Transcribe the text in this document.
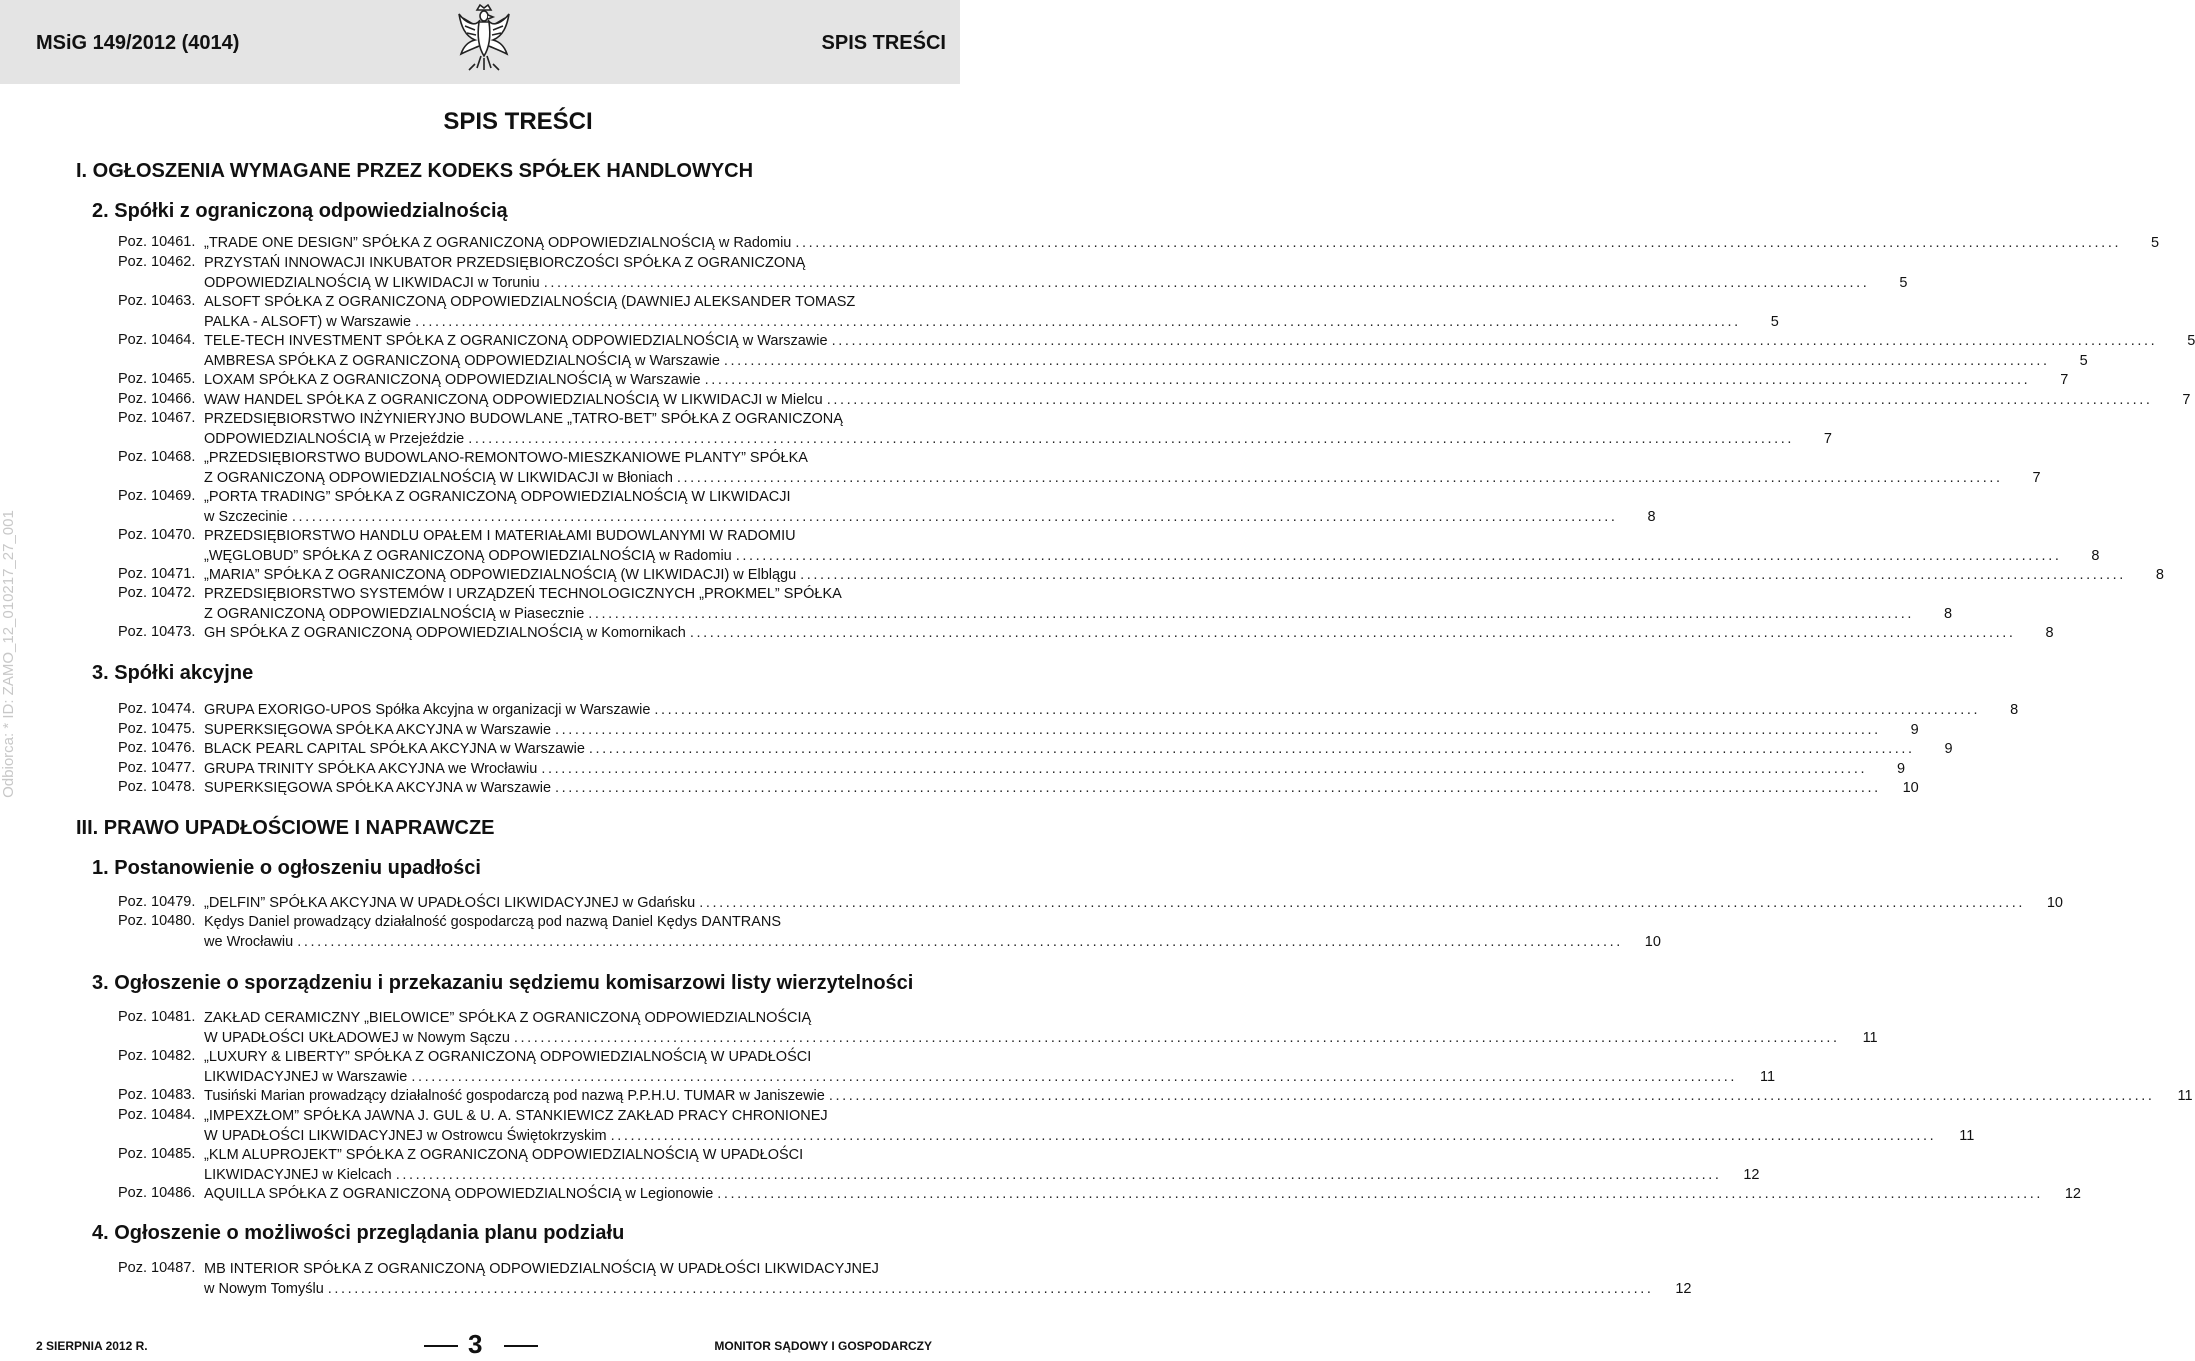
MSiG 149/2012 (4014)	SPIS TREŚCI
Odbiorca: * ID: ZAMO_12_010217_27_001
SPIS TREŚCI
I. OGŁOSZENIA WYMAGANE PRZEZ KODEKS SPÓŁEK HANDLOWYCH
2. Spółki z ograniczoną odpowiedzialnością
3. Spółki akcyjne
III. PRAWO UPADŁOŚCIOWE I NAPRAWCZE
1. Postanowienie o ogłoszeniu upadłości
3. Ogłoszenie o sporządzeniu i przekazaniu sędziemu komisarzowi listy wierzytelności
4. Ogłoszenie o możliwości przeglądania planu podziału
Poz. 10461. „TRADE ONE DESIGN” SPÓŁKA Z OGRANICZONĄ ODPOWIEDZIALNOŚCIĄ w Radomiu ........................................................................................................................................................................................................	5
Poz. 10462. PRZYSTAŃ INNOWACJI INKUBATOR PRZEDSIĘBIORCZOŚCI SPÓŁKA Z OGRANICZONĄ
ODPOWIEDZIALNOŚCIĄ W LIKWIDACJI w Toruniu ........................................................................................................................................................................................................	5
Poz. 10463. ALSOFT SPÓŁKA Z OGRANICZONĄ ODPOWIEDZIALNOŚCIĄ (DAWNIEJ ALEKSANDER TOMASZ
PALKA - ALSOFT) w Warszawie ........................................................................................................................................................................................................	5
Poz. 10464. TELE-TECH INVESTMENT SPÓŁKA Z OGRANICZONĄ ODPOWIEDZIALNOŚCIĄ w Warszawie ........................................................................................................................................................................................................	5
AMBRESA SPÓŁKA Z OGRANICZONĄ ODPOWIEDZIALNOŚCIĄ w Warszawie ........................................................................................................................................................................................................	5
Poz. 10465. LOXAM SPÓŁKA Z OGRANICZONĄ ODPOWIEDZIALNOŚCIĄ w Warszawie ........................................................................................................................................................................................................	7
Poz. 10466. WAW HANDEL SPÓŁKA Z OGRANICZONĄ ODPOWIEDZIALNOŚCIĄ W LIKWIDACJI w Mielcu ........................................................................................................................................................................................................	7
Poz. 10467. PRZEDSIĘBIORSTWO INŻYNIERYJNO BUDOWLANE „TATRO-BET” SPÓŁKA Z OGRANICZONĄ
ODPOWIEDZIALNOŚCIĄ w Przejeździe ........................................................................................................................................................................................................	7
Poz. 10468. „PRZEDSIĘBIORSTWO BUDOWLANO-REMONTOWO-MIESZKANIOWE PLANTY” SPÓŁKA
Z OGRANICZONĄ ODPOWIEDZIALNOŚCIĄ W LIKWIDACJI w Błoniach ........................................................................................................................................................................................................	7
Poz. 10469. „PORTA TRADING” SPÓŁKA Z OGRANICZONĄ ODPOWIEDZIALNOŚCIĄ W LIKWIDACJI
w Szczecinie ........................................................................................................................................................................................................	8
Poz. 10470. PRZEDSIĘBIORSTWO HANDLU OPAŁEM I MATERIAŁAMI BUDOWLANYMI W RADOMIU
„WĘGLOBUD” SPÓŁKA Z OGRANICZONĄ ODPOWIEDZIALNOŚCIĄ w Radomiu ........................................................................................................................................................................................................	8
Poz. 10471. „MARIA” SPÓŁKA Z OGRANICZONĄ ODPOWIEDZIALNOŚCIĄ (W LIKWIDACJI) w Elblągu ........................................................................................................................................................................................................	8
Poz. 10472. PRZEDSIĘBIORSTWO SYSTEMÓW I URZĄDZEŃ TECHNOLOGICZNYCH „PROKMEL” SPÓŁKA
Z OGRANICZONĄ ODPOWIEDZIALNOŚCIĄ w Piasecznie ........................................................................................................................................................................................................	8
Poz. 10473. GH SPÓŁKA Z OGRANICZONĄ ODPOWIEDZIALNOŚCIĄ w Komornikach ........................................................................................................................................................................................................	8
Poz. 10474. GRUPA EXORIGO-UPOS Spółka Akcyjna w organizacji w Warszawie ........................................................................................................................................................................................................	8
Poz. 10475. SUPERKSIĘGOWA SPÓŁKA AKCYJNA w Warszawie ........................................................................................................................................................................................................	9
Poz. 10476. BLACK PEARL CAPITAL SPÓŁKA AKCYJNA w Warszawie ........................................................................................................................................................................................................	9
Poz. 10477. GRUPA TRINITY SPÓŁKA AKCYJNA we Wrocławiu ........................................................................................................................................................................................................	9
Poz. 10478. SUPERKSIĘGOWA SPÓŁKA AKCYJNA w Warszawie ........................................................................................................................................................................................................	10
Poz. 10479. „DELFIN” SPÓŁKA AKCYJNA W UPADŁOŚCI LIKWIDACYJNEJ w Gdańsku ........................................................................................................................................................................................................	10
Poz. 10480. Kędys Daniel prowadzący działalność gospodarczą pod nazwą Daniel Kędys DANTRANS
we Wrocławiu ........................................................................................................................................................................................................	10
Poz. 10481. ZAKŁAD CERAMICZNY „BIELOWICE” SPÓŁKA Z OGRANICZONĄ ODPOWIEDZIALNOŚCIĄ
W UPADŁOŚCI UKŁADOWEJ w Nowym Sączu ........................................................................................................................................................................................................	11
Poz. 10482. „LUXURY & LIBERTY” SPÓŁKA Z OGRANICZONĄ ODPOWIEDZIALNOŚCIĄ W UPADŁOŚCI
LIKWIDACYJNEJ w Warszawie ........................................................................................................................................................................................................	11
Poz. 10483. Tusiński Marian prowadzący działalność gospodarczą pod nazwą P.P.H.U. TUMAR w Janiszewie ........................................................................................................................................................................................................	11
Poz. 10484. „IMPEXZŁOM” SPÓŁKA JAWNA J. GUL & U. A. STANKIEWICZ ZAKŁAD PRACY CHRONIONEJ
W UPADŁOŚCI LIKWIDACYJNEJ w Ostrowcu Świętokrzyskim ........................................................................................................................................................................................................	11
Poz. 10485. „KLM ALUPROJEKT” SPÓŁKA Z OGRANICZONĄ ODPOWIEDZIALNOŚCIĄ W UPADŁOŚCI
LIKWIDACYJNEJ w Kielcach ........................................................................................................................................................................................................	12
Poz. 10486. AQUILLA SPÓŁKA Z OGRANICZONĄ ODPOWIEDZIALNOŚCIĄ w Legionowie ........................................................................................................................................................................................................	12
Poz. 10487. MB INTERIOR SPÓŁKA Z OGRANICZONĄ ODPOWIEDZIALNOŚCIĄ W UPADŁOŚCI LIKWIDACYJNEJ
w Nowym Tomyślu ........................................................................................................................................................................................................	12
2 SIERPNIA 2012 R.	3	MONITOR SĄDOWY I GOSPODARCZY
